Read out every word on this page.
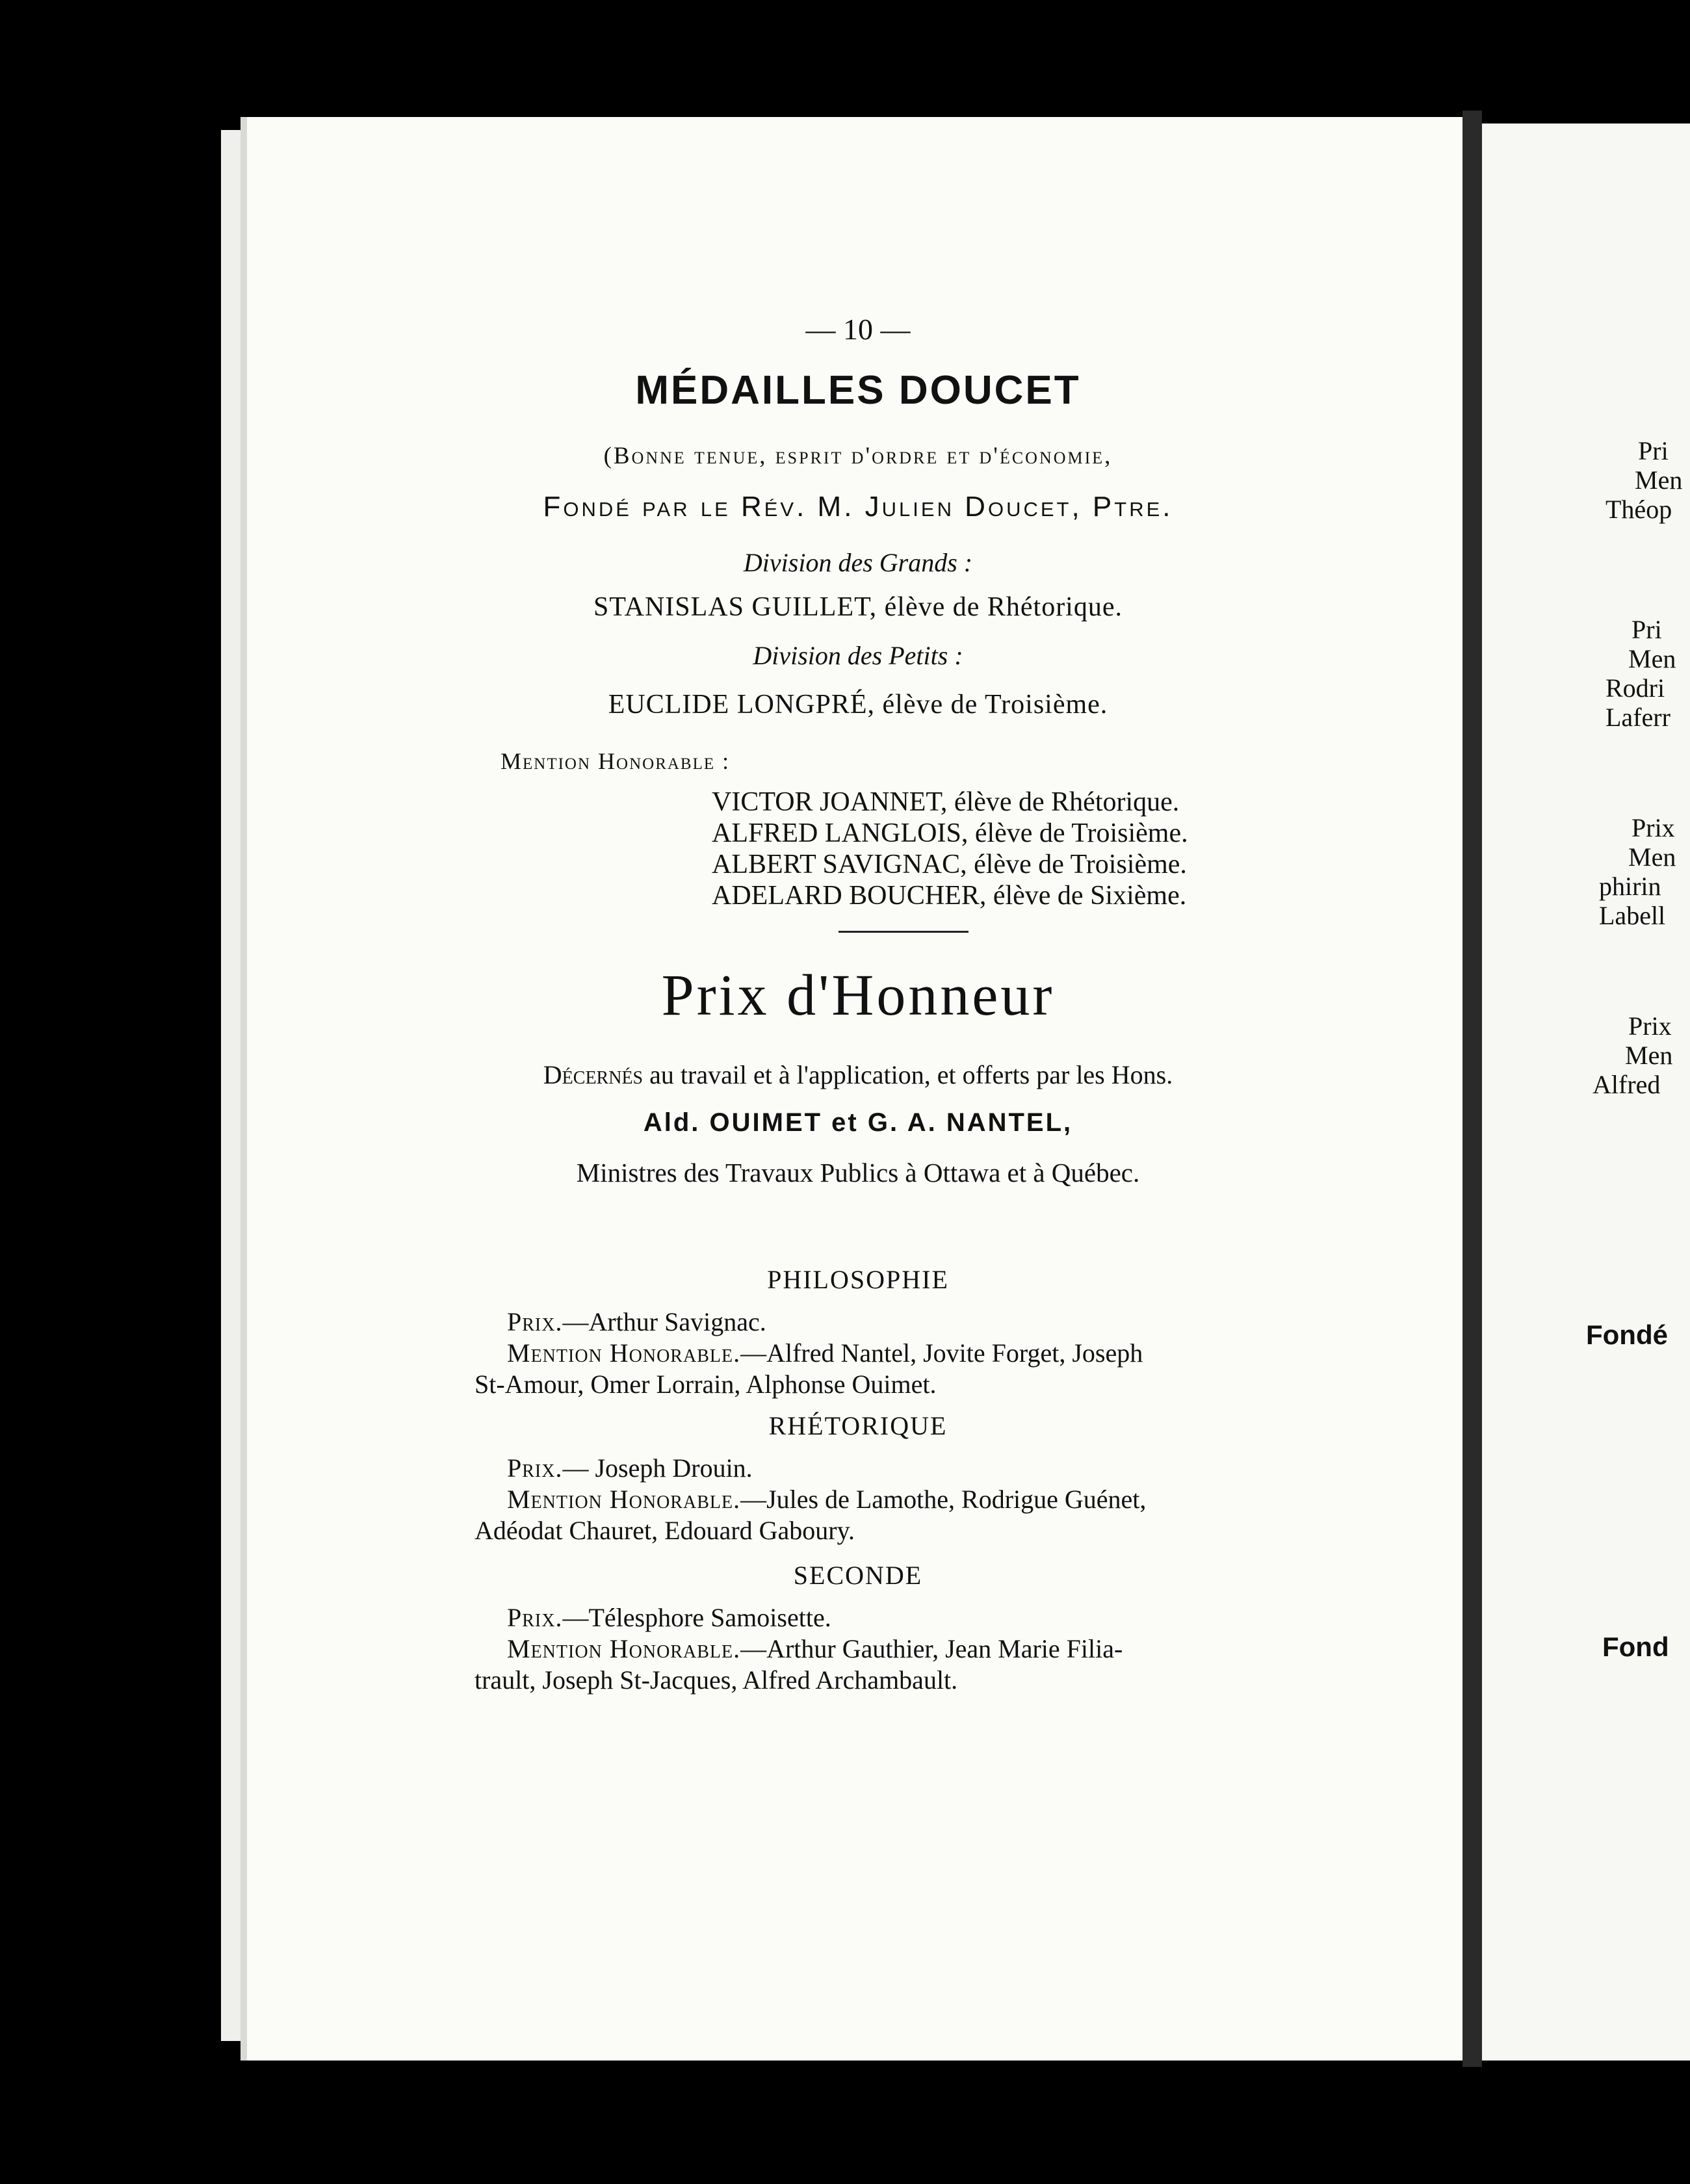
— 10 —
MÉDAILLES DOUCET
(Bonne tenue, esprit d'ordre et d'économie,
Fondé par le Rév. M. Julien Doucet, Ptre.
Division des Grands :
STANISLAS GUILLET, élève de Rhétorique.
Division des Petits :
EUCLIDE LONGPRÉ, élève de Troisième.
Mention Honorable :
VICTOR JOANNET, élève de Rhétorique.
ALFRED LANGLOIS, élève de Troisième.
ALBERT SAVIGNAC, élève de Troisième.
ADELARD BOUCHER, élève de Sixième.
Prix d'Honneur
Décernés au travail et à l'application, et offerts par les Hons.
Ald. OUIMET et G. A. NANTEL,
Ministres des Travaux Publics à Ottawa et à Québec.
PHILOSOPHIE
Prix.—Arthur Savignac.
Mention Honorable.—Alfred Nantel, Jovite Forget, Joseph
St-Amour, Omer Lorrain, Alphonse Ouimet.
RHÉTORIQUE
Prix.— Joseph Drouin.
Mention Honorable.—Jules de Lamothe, Rodrigue Guénet,
Adéodat Chauret, Edouard Gaboury.
SECONDE
Prix.—Télesphore Samoisette.
Mention Honorable.—Arthur Gauthier, Jean Marie Filia-
trault, Joseph St-Jacques, Alfred Archambault.
Pri
Men
Théop
Pri
Men
Rodri
Laferr
Prix
Men
phirin
Labell
Prix
Men
Alfred
Fondé
Fond
